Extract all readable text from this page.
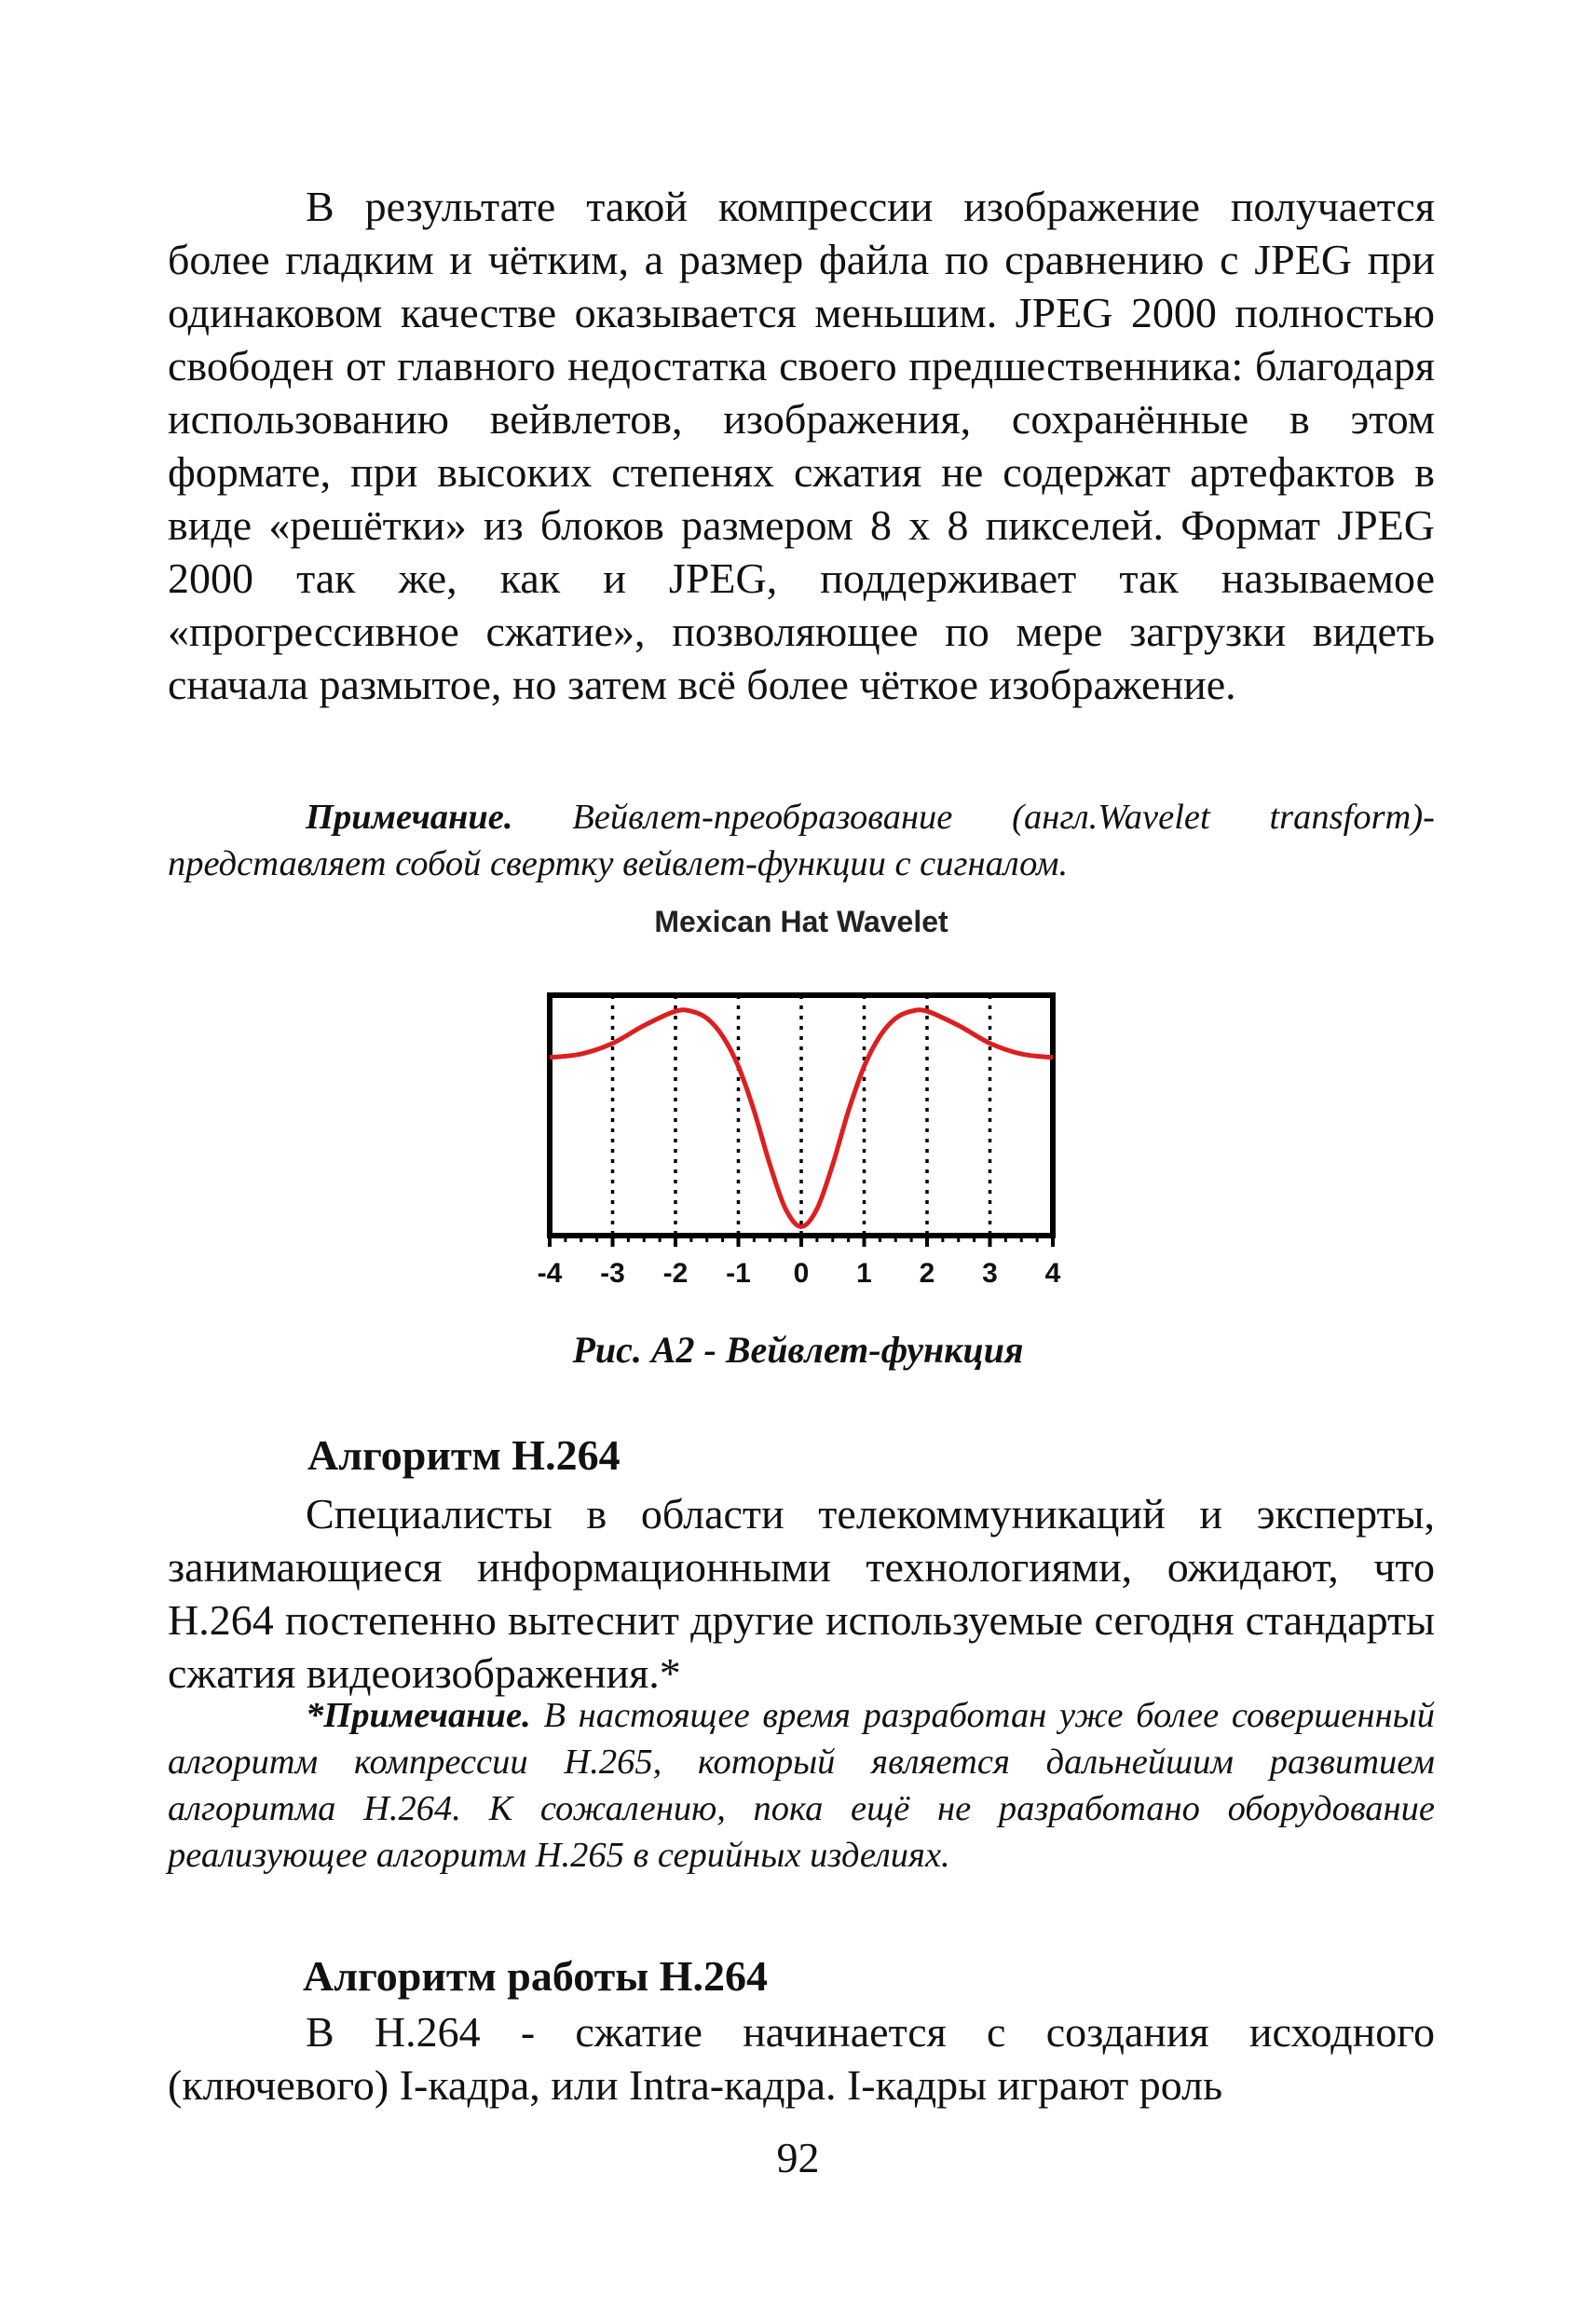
В результате такой компрессии изображение получается более гладким и чётким, а размер файла по сравнению с JPEG при одинаковом качестве оказывается меньшим. JPEG 2000 полностью свободен от главного недостатка своего предшественника: благодаря использованию вейвлетов, изображения, сохранённые в этом формате, при высоких степенях сжатия не содержат артефактов в виде «решётки» из блоков размером 8 х 8 пикселей. Формат JPEG 2000 так же, как и JPEG, поддерживает так называемое «прогрессивное сжатие», позволяющее по мере загрузки видеть сначала размытое, но затем всё более чёткое изображение.

Примечание. Вейвлет-преобразование (англ.Wavelet transform)- представляет собой свертку вейвлет-функции с сигналом.

Mexican Hat Wavelet
-4 -3 -2 -1 0 1 2 3 4

Рис. А2 - Вейвлет-функция

Алгоритм Н.264

Специалисты в области телекоммуникаций и эксперты, занимающиеся информационными технологиями, ожидают, что H.264 постепенно вытеснит другие используемые сегодня стандарты сжатия видеоизображения.*

*Примечание. В настоящее время разработан уже более совершенный алгоритм компрессии H.265, который является дальнейшим развитием алгоритма H.264. К сожалению, пока ещё не разработано оборудование реализующее алгоритм H.265 в серийных изделиях.

Алгоритм работы Н.264

В Н.264 - сжатие начинается с создания исходного (ключевого) I-кадра, или Intra-кадра. I-кадры играют роль

92
